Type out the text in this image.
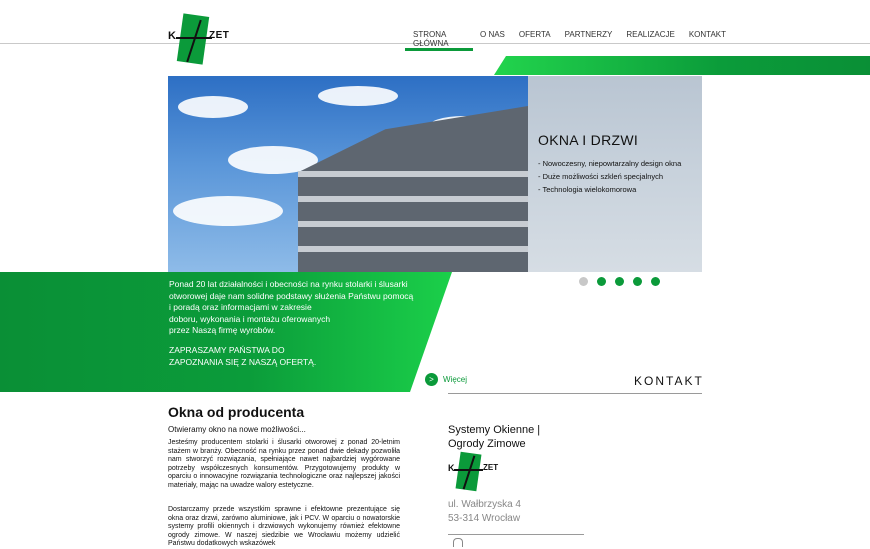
K	ZET	STRONA GŁÓWNA
O NAS	OFERTA	PARTNERZY	REALIZACJE	KONTAKT
OKNA I DRZWI
- Nowoczesny, niepowtarzalny design okna
- Duże możliwości szkleń specjalnych
- Technologia wielokomorowa

Ponad 20 lat działalności i obecności na rynku stolarki i ślusarki

otworowej daje nam solidne podstawy służenia Państwu pomocą

i poradą oraz informacjami w zakresie

doboru, wykonania i montażu oferowanych

przez Naszą firmę wyrobów.

ZAPRASZAMY PAŃSTWA DO
ZAPOZNANIA SIĘ Z NASZĄ OFERTĄ.
>	Więcej	KONTAKT
Okna od producenta
Otwieramy okno na nowe możliwości...

Jesteśmy producentem stolarki i ślusarki otworowej z ponad 20-letnim stażem w branży. Obecność na rynku przez ponad dwie dekady pozwoliła nam stworzyć rozwiązania, spełniające nawet najbardziej wygórowane potrzeby współczesnych konsumentów. Przygotowujemy produkty w oparciu o innowacyjne rozwiązania technologiczne oraz najlepszej jakości materiały, mając na uwadze walory estetyczne.

Dostarczamy przede wszystkim sprawne i efektowne prezentujące się okna oraz drzwi, zarówno aluminiowe, jak i PCV. W oparciu o nowatorskie systemy profili okiennych i drzwiowych wykonujemy również efektowne ogrody zimowe. W naszej siedzibie we Wrocławiu możemy udzielić Państwu dodatkowych wskazówek

Systemy Okienne |
Ogrody Zimowe
K	ZET
ul. Wałbrzyska 4
53-314 Wrocław
